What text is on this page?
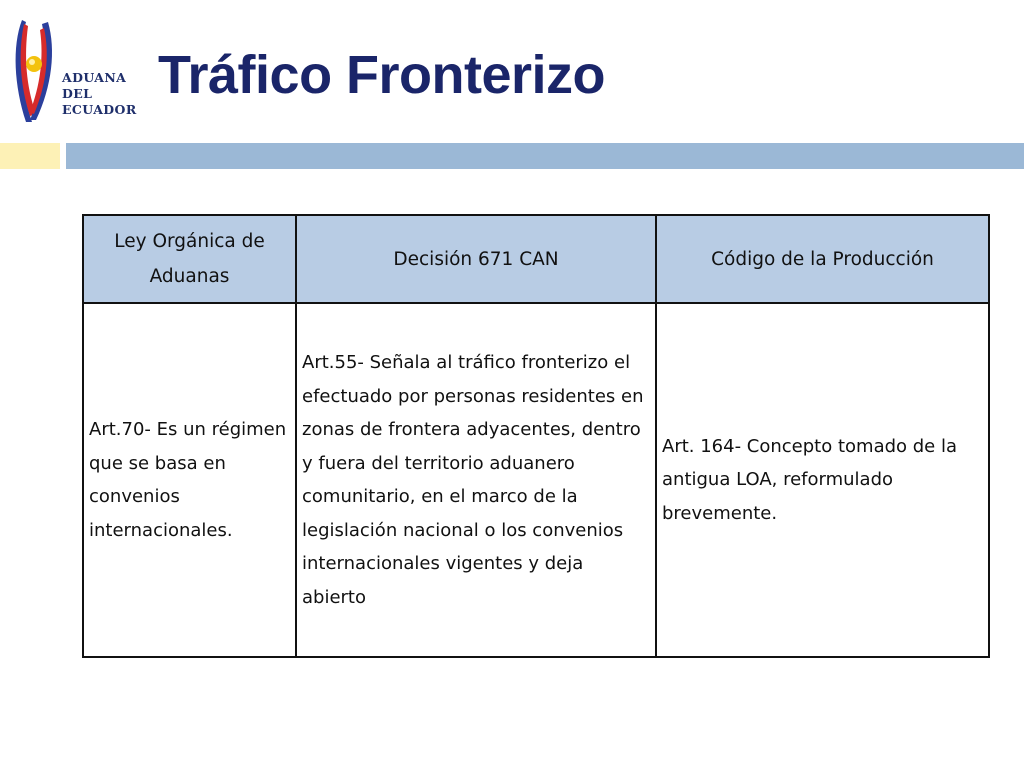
ADUANA
DEL
ECUADOR
Tráfico Fronterizo
Ley Orgánica de Aduanas	Decisión 671 CAN	Código de la Producción

Art.70- Es un régimen que se basa en convenios internacionales.	Art.55- Señala al tráfico fronterizo el efectuado por personas residentes en zonas de frontera adyacentes, dentro y fuera del territorio aduanero comunitario, en el marco de la legislación nacional o los convenios internacionales vigentes y deja abierto	Art. 164- Concepto tomado de la antigua LOA, reformulado brevemente.
